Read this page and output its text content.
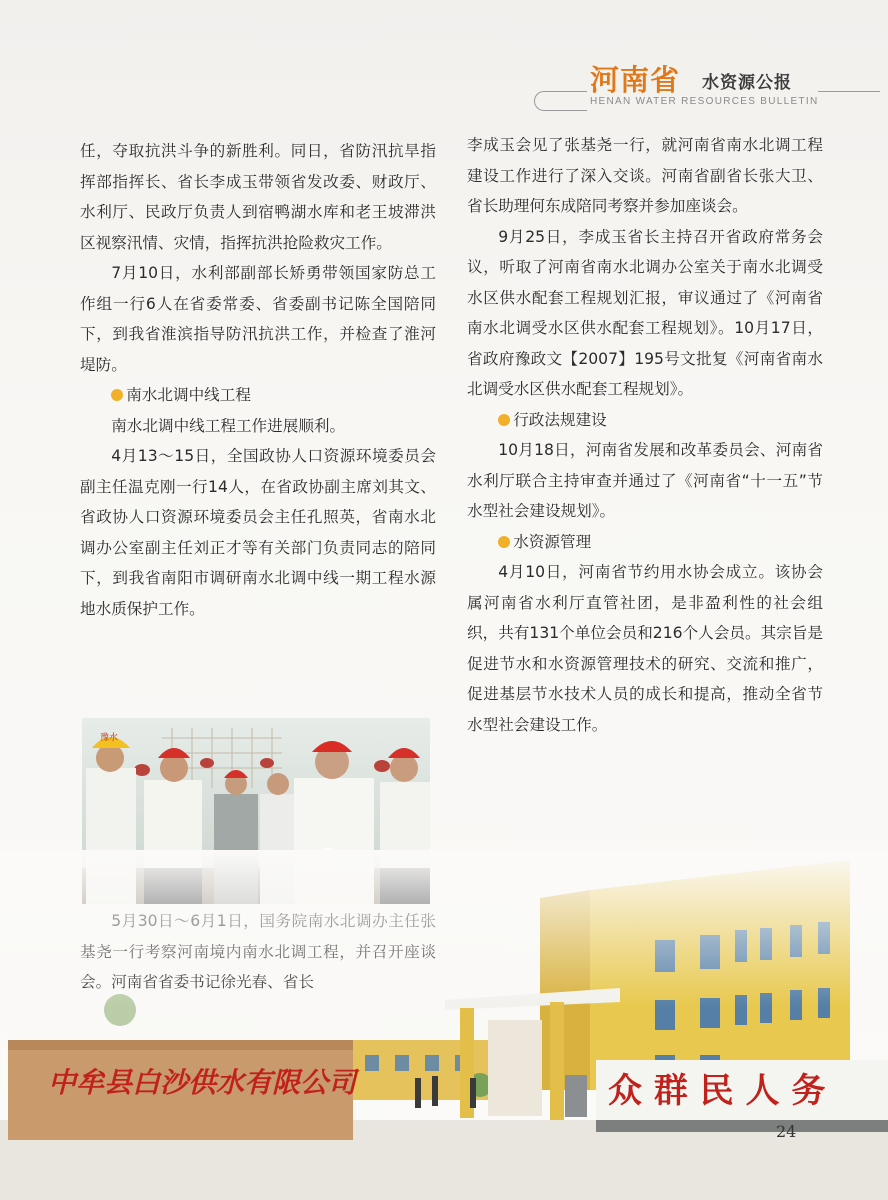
河南省 水资源公报
HENAN WATER RESOURCES BULLETIN

任，夺取抗洪斗争的新胜利。同日，省防汛抗旱指挥部指挥长、省长李成玉带领省发改委、财政厅、水利厅、民政厅负责人到宿鸭湖水库和老王坡滞洪区视察汛情、灾情，指挥抗洪抢险救灾工作。

7月10日，水利部副部长矫勇带领国家防总工作组一行6人在省委常委、省委副书记陈全国陪同下，到我省淮滨指导防汛抗洪工作，并检查了淮河堤防。

南水北调中线工程

南水北调中线工程工作进展顺利。

4月13～15日，全国政协人口资源环境委员会副主任温克刚一行14人，在省政协副主席刘其文、省政协人口资源环境委员会主任孔照英，省南水北调办公室副主任刘正才等有关部门负责同志的陪同下，到我省南阳市调研南水北调中线一期工程水源地水质保护工作。

李成玉会见了张基尧一行，就河南省南水北调工程建设工作进行了深入交谈。河南省副省长张大卫、省长助理何东成陪同考察并参加座谈会。

9月25日，李成玉省长主持召开省政府常务会议，听取了河南省南水北调办公室关于南水北调受水区供水配套工程规划汇报，审议通过了《河南省南水北调受水区供水配套工程规划》。10月17日，省政府豫政文【2007】195号文批复《河南省南水北调受水区供水配套工程规划》。

行政法规建设

10月18日，河南省发展和改革委员会、河南省水利厅联合主持审查并通过了《河南省“十一五”节水型社会建设规划》。

水资源管理

4月10日，河南省节约用水协会成立。该协会属河南省水利厅直管社团，是非盈利性的社会组织，共有131个单位会员和216个人会员。其宗旨是促进节水和水资源管理技术的研究、交流和推广，促进基层节水技术人员的成长和提高，推动全省节水型社会建设工作。

豫水

24
